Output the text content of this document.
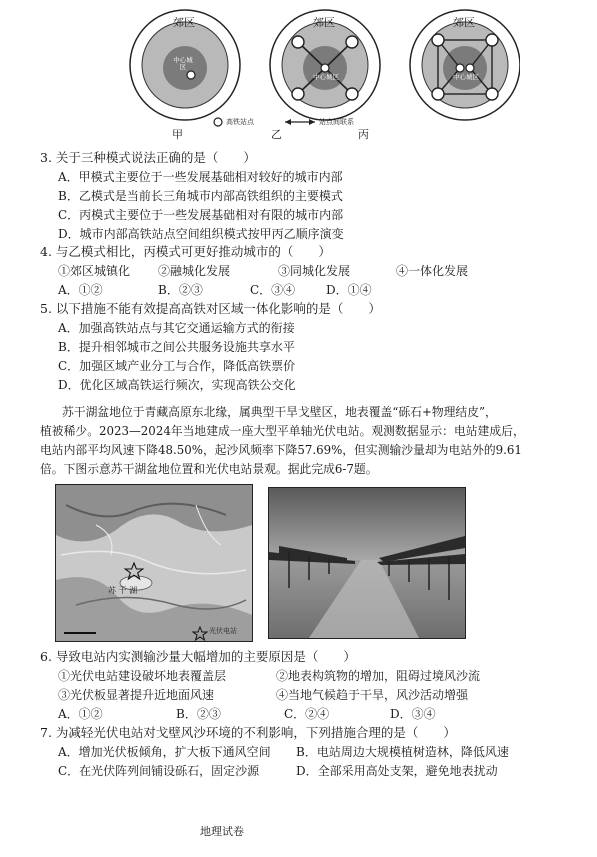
郊区	郊区	郊区
中心城区
中心城区	中心城区
高铁站点	站点间联系
甲	乙	丙
3. 关于三种模式说法正确的是（　　）
A．甲模式主要位于一些发展基础相对较好的城市内部
B．乙模式是当前长三角城市内部高铁组织的主要模式
C．丙模式主要位于一些发展基础相对有限的城市内部
D．城市内部高铁站点空间组织模式按甲丙乙顺序演变
4. 与乙模式相比，丙模式可更好推动城市的（　　）
①郊区城镇化 ②融城化发展	③同城化发展	④一体化发展
A．①②	B．②③	C．③④	D．①④
5. 以下措施不能有效提高高铁对区域一体化影响的是（　　）
A．加强高铁站点与其它交通运输方式的衔接
B．提升相邻城市之间公共服务设施共享水平
C．加强区域产业分工与合作，降低高铁票价
D．优化区域高铁运行频次，实现高铁公交化
苏干湖盆地位于青藏高原东北缘，属典型干旱戈壁区，地表覆盖“砾石+物理结皮”，
植被稀少。2023—2024年当地建成一座大型平单轴光伏电站。观测数据显示：电站建成后，
电站内部平均风速下降48.50%，起沙风频率下降57.69%，但实测输沙量却为电站外的9.61
倍。下图示意苏干湖盆地位置和光伏电站景观。据此完成6-7题。
苏 干 湖
光伏电站
6. 导致电站内实测输沙量大幅增加的主要原因是（　　）
①光伏电站建设破坏地表覆盖层	②地表构筑物的增加，阻碍过境风沙流
③光伏板显著提升近地面风速	④当地气候趋于干旱，风沙活动增强
A．①②	B．②③	C．②④	D．③④
7. 为减轻光伏电站对戈壁风沙环境的不利影响，下列措施合理的是（　　）
A．增加光伏板倾角，扩大板下通风空间 B．电站周边大规模植树造林，降低风速
C．在光伏阵列间铺设砾石，固定沙源	D．全部采用高处支架，避免地表扰动
地理试卷
